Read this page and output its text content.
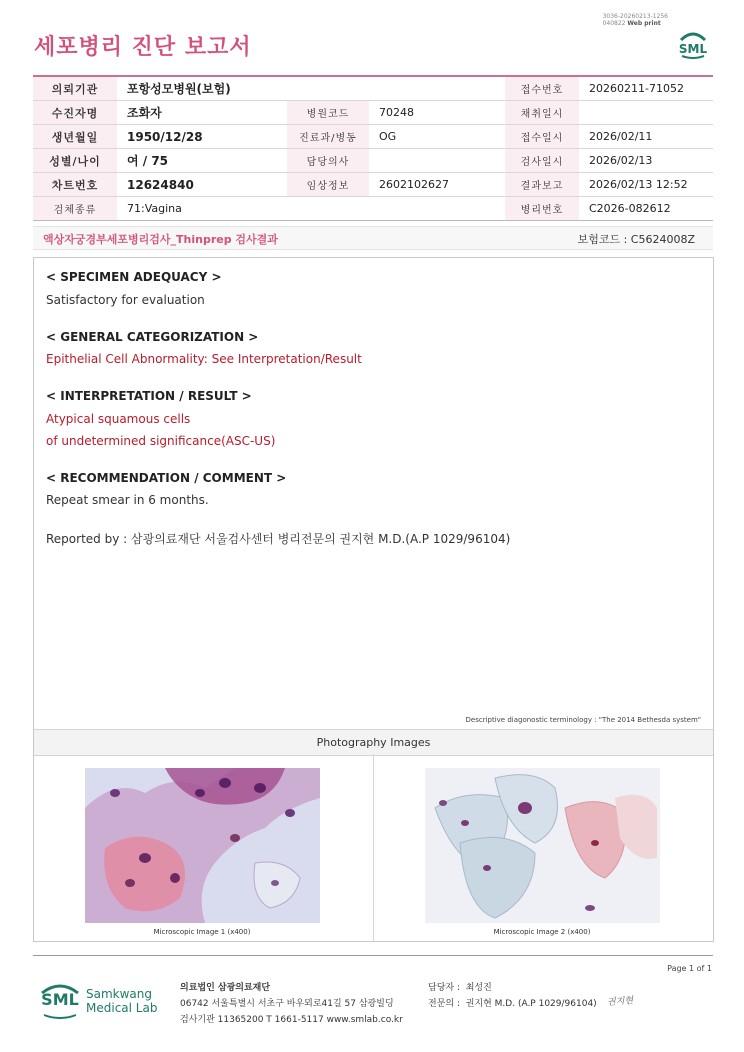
세포병리 진단 보고서
3036-20260213-1256
040822 Web print
SML
의뢰기관	포항성모병원(보험)			접수번호	20260211-71052
수진자명	조화자	병원코드	70248	채취일시	
생년월일	1950/12/28	진료과/병동	OG	접수일시	2026/02/11
성별/나이	여 / 75	담당의사		검사일시	2026/02/13
차트번호	12624840	임상정보	2602102627	결과보고	2026/02/13 12:52
검체종류	71:Vagina			병리번호	C2026-082612
액상자궁경부세포병리검사_Thinprep 검사결과	보험코드 : C5624008Z
< SPECIMEN ADEQUACY >
Satisfactory for evaluation
< GENERAL CATEGORIZATION >
Epithelial Cell Abnormality: See Interpretation/Result
< INTERPRETATION / RESULT >
Atypical squamous cells
of undetermined significance(ASC-US)
< RECOMMENDATION / COMMENT >
Repeat smear in 6 months.
Reported by : 삼광의료재단 서울검사센터 병리전문의 권지현 M.D.(A.P 1029/96104)
Descriptive diagonostic terminology : "The 2014 Bethesda system"
Photography Images
Microscopic Image 1 (x400)	Microscopic Image 2 (x400)
Page 1 of 1
SML Samkwang
Medical Lab
의료법인 삼광의료재단
06742 서울특별시 서초구 바우뫼로41길 57 삼광빌딩
검사기관 11365200 T 1661-5117 www.smlab.co.kr
담당자 : 최성진
전문의 : 권지현 M.D. (A.P 1029/96104) 권지현
